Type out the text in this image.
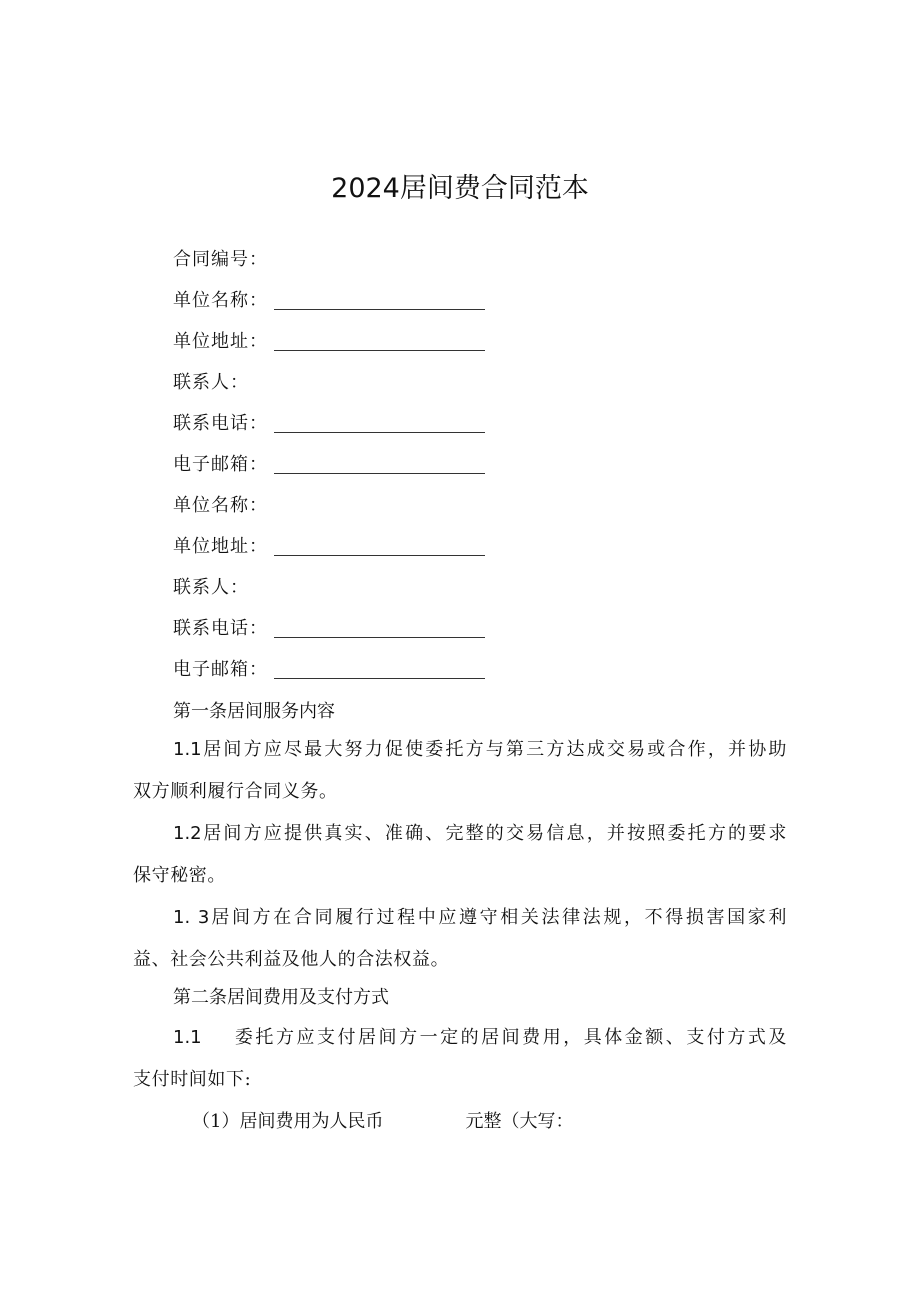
2024居间费合同范本
合同编号：
单位名称：
单位地址：
联系人：
联系电话：
电子邮箱：
单位名称：
单位地址：
联系人：
联系电话：
电子邮箱：
第一条居间服务内容
1.1居间方应尽最大努力促使委托方与第三方达成交易或合作，并协助
双方顺利履行合同义务。
1.2居间方应提供真实、准确、完整的交易信息，并按照委托方的要求
保守秘密。
1. 3居间方在合同履行过程中应遵守相关法律法规，不得损害国家利
益、社会公共利益及他人的合法权益。
第二条居间费用及支付方式
1.1 委托方应支付居间方一定的居间费用，具体金额、支付方式及
支付时间如下:
（1）居间费用为人民币	元整（大写：
